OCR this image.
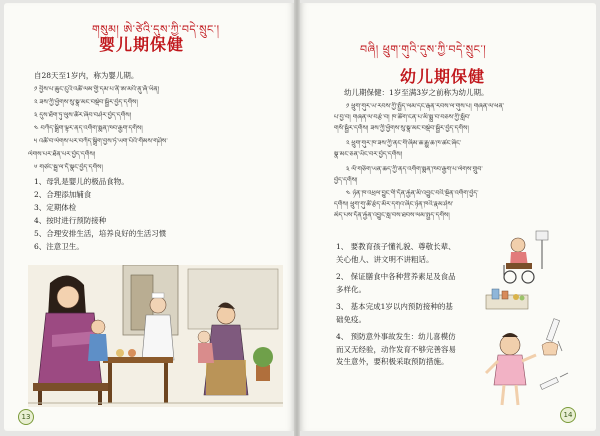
གསུམ། ཨེ་ཙེའི་དུས་ཀྱི་བདེ་སྲུང་།
婴儿期保健
自28天至1岁内，称为婴儿期。
༡ བྱིས་པ་ཆུང་ངུའི་འཚོ་ལམ་གྱི་དམ་པ་ནི་ཨ་མའི་ནུ་ཞོ་ཡིན།
༢ ཟས་ཀྱི་ཕྱོགས་སུ་སྣ་མང་བསྡེབ་སྦྱོར་བྱེད་དགོས།
༣ དུས་ཐོག་ཏུ་ལུས་ཚོར་ཞིབ་བཤེར་བྱེད་དགོས།
༤ བཀོད་སྒྲིག་ལྟར་ནད་འགོག་སྨན་ཁབ་རྒྱག་དགོས།
༥ འཚོ་བ་ལེགས་པར་བཀོད་སྒྲིག་བྱས་ཏེ་ཡག་པོའི་གོམས་གཤིས་
ལེགས་པར་ཐོན་པར་བྱེད་དགོས།
༦ གཙང་སྦྲ་ལ་དོ་སྣང་བྱེད་དགོས།
1、母乳是婴儿的极品食物。
2、合理添加辅食
3、定期体检
4、按时进行预防接种
5、合理安排生活，培养良好的生活习惯
6、注意卫生。
13
བཞི། ཕྲུག་གུའི་དུས་ཀྱི་བདེ་སྲུང་།
幼儿期保健
幼儿期保健：1岁至满3岁之前称为幼儿期。
༡ ཕྲུག་གུར་ཡ་རབས་ཀྱི་སྤྱོད་ལམ་དང་རྒན་རབས་ལ་གུས་པ། གཞན་ལ་ཕན་
པ་བྱ་བ། གཞན་ལ་བརྩེ་བ། ཁ་ཚིག་ངན་པ་མི་སྨྲ་བ་བཅས་ཀྱི་སློབ་
གསོ་སྦྱོར་དགོས། ཟས་ཀྱི་ཕྱོགས་སུ་སྣ་མང་བསྡེབ་སྦྱོར་བྱེད་དགོས།
༢ ཕྲུག་གུར་ཁ་ཟས་ཀྱི་ནང་གི་ཞིམ་ཆ་རྒྱུ་ཆ་ཁ་ཚང་ཞིང་
སྣ་མང་ཅན་ཡོང་བར་བྱེད་དགོས།
༣ ལོ་གཅིག་ཡན་ཆད་ཀྱི་ནད་འགོག་སྨན་ཁབ་རྒྱག་པ་ལེགས་གྲུབ་
བྱེད་དགོས།
༤ ཉེན་ཁ་འཕྲལ་བྱུང་གི་དོན་རྐྱེན་མི་འབྱུང་བའི་སྔོན་འགོག་བྱེད་
དགོས། ཕྲུག་གུ་ཚོ་རྩེད་མོར་དགའ་ཞིང་ཉེན་ཁའི་རྣམ་ཤེས་
མེད་པས་དོན་རྐྱེན་འབྱུང་སླ་བས་ཐབས་ལམ་སྤྱད་དགོས།
1、 要教育孩子懂礼貌、尊敬长辈、关心他人、讲文明不讲粗话。
2、 保证膳食中各种营养素足及食品多样化。
3、 基本完成1岁以内预防接种的基础免疫。
4、 预防意外事故发生：幼儿喜模仿而又无经验，动作发育不够完善容易发生意外，要积极采取预防措施。
14
